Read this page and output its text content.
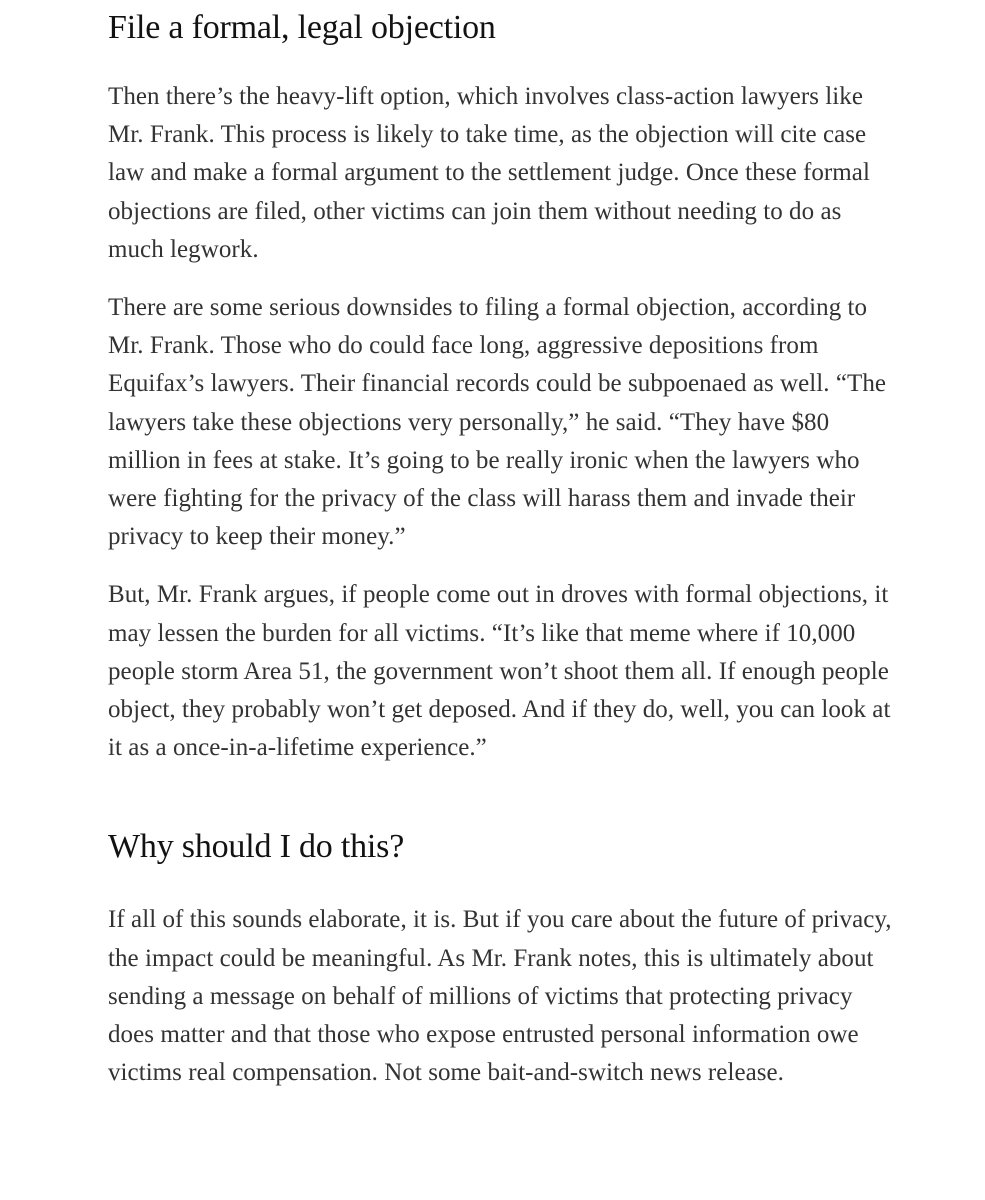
File a formal, legal objection

Then there’s the heavy-lift option, which involves class-action lawyers like Mr. Frank. This process is likely to take time, as the objection will cite case law and make a formal argument to the settlement judge. Once these formal objections are filed, other victims can join them without needing to do as much legwork.

There are some serious downsides to filing a formal objection, according to Mr. Frank. Those who do could face long, aggressive depositions from Equifax’s lawyers. Their financial records could be subpoenaed as well. “The lawyers take these objections very personally,” he said. “They have $80 million in fees at stake. It’s going to be really ironic when the lawyers who were fighting for the privacy of the class will harass them and invade their privacy to keep their money.”

But, Mr. Frank argues, if people come out in droves with formal objections, it may lessen the burden for all victims. “It’s like that meme where if 10,000 people storm Area 51, the government won’t shoot them all. If enough people object, they probably won’t get deposed. And if they do, well, you can look at it as a once-in-a-lifetime experience.”

Why should I do this?

If all of this sounds elaborate, it is. But if you care about the future of privacy, the impact could be meaningful. As Mr. Frank notes, this is ultimately about sending a message on behalf of millions of victims that protecting privacy does matter and that those who expose entrusted personal information owe victims real compensation. Not some bait-and-switch news release.
